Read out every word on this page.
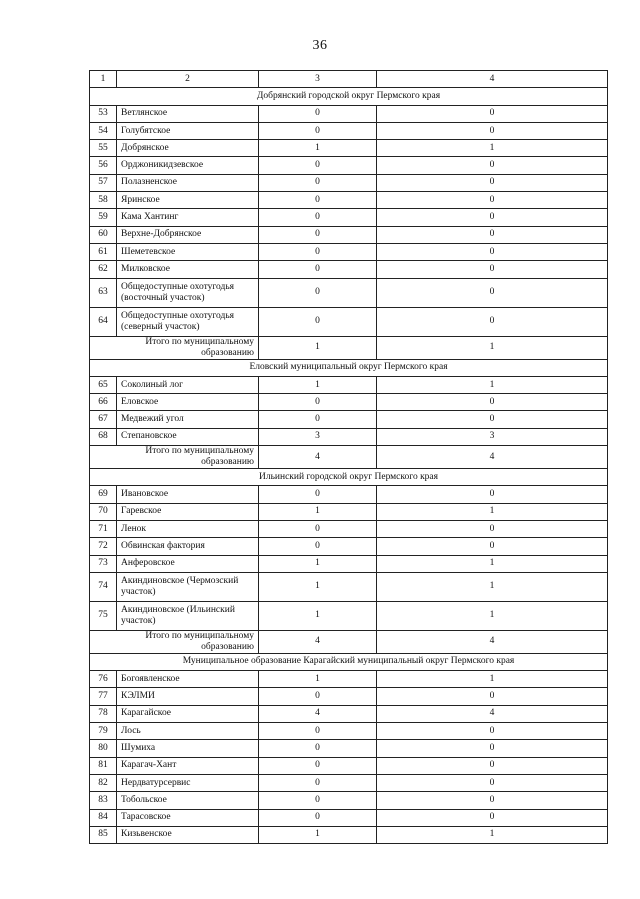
36
1	2	3	4
Добрянский городской округ Пермского края			
53	Ветлянское	0	0
54	Голубятское	0	0
55	Добрянское	1	1
56	Орджоникидзевское	0	0
57	Полазненское	0	0
58	Яринское	0	0
59	Кама Хантинг	0	0
60	Верхне-Добрянское	0	0
61	Шеметевское	0	0
62	Милковское	0	0
63	Общедоступные охотугодья (восточный участок)	0	0
64	Общедоступные охотугодья (северный участок)	0	0
Итого по муниципальному образованию		1	1
Еловский муниципальный округ Пермского края			
65	Соколиный лог	1	1
66	Еловское	0	0
67	Медвежий угол	0	0
68	Степановское	3	3
Итого по муниципальному образованию		4	4
Ильинский городской округ Пермского края			
69	Ивановское	0	0
70	Гаревское	1	1
71	Ленок	0	0
72	Обвинская фактория	0	0
73	Анферовское	1	1
74	Акиндиновское (Чермозский участок)	1	1
75	Акиндиновское (Ильинский участок)	1	1
Итого по муниципальному образованию		4	4
Муниципальное образование Карагайский муниципальный округ Пермского края			
76	Богоявленское	1	1
77	КЭЛМИ	0	0
78	Карагайское	4	4
79	Лось	0	0
80	Шумиха	0	0
81	Карагач-Хант	0	0
82	Нердватурсервис	0	0
83	Тобольское	0	0
84	Тарасовское	0	0
85	Кизьвенское	1	1
